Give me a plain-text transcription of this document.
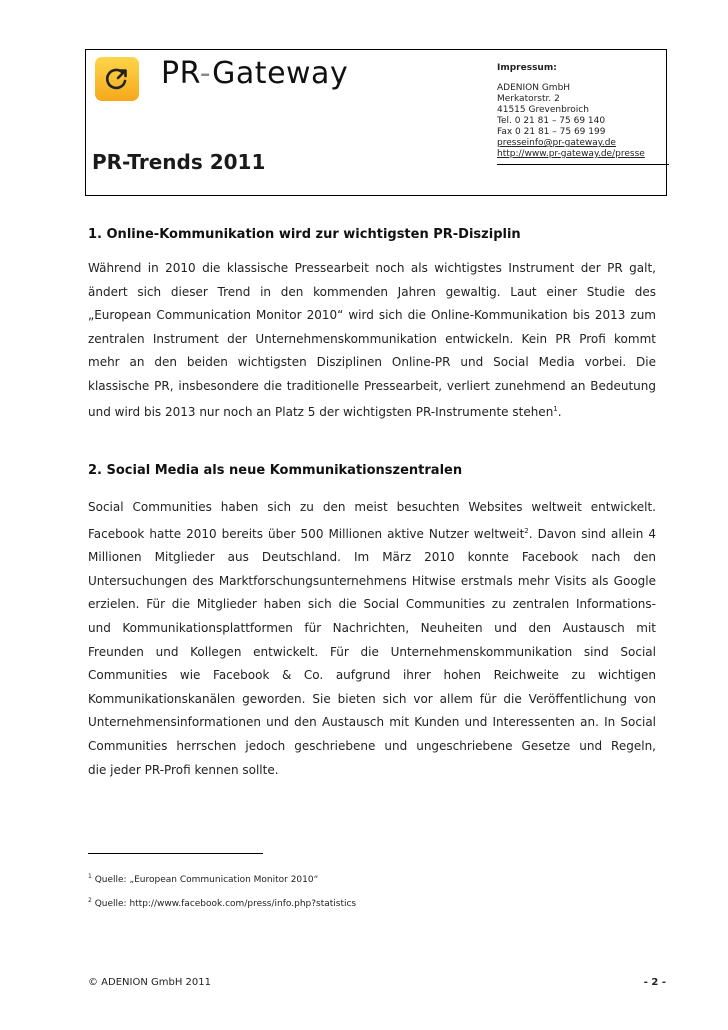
PR-Gateway
PR-Trends 2011
Impressum:
ADENION GmbH
Merkatorstr. 2
41515 Grevenbroich
Tel. 0 21 81 – 75 69 140
Fax 0 21 81 – 75 69 199
presseinfo@pr-gateway.de
http://www.pr-gateway.de/presse
1. Online-Kommunikation wird zur wichtigsten PR-Disziplin
Während in 2010 die klassische Pressearbeit noch als wichtigstes Instrument der PR galt,
ändert sich dieser Trend in den kommenden Jahren gewaltig. Laut einer Studie des
„European Communication Monitor 2010“ wird sich die Online-Kommunikation bis 2013 zum
zentralen Instrument der Unternehmenskommunikation entwickeln. Kein PR Profi kommt
mehr an den beiden wichtigsten Disziplinen Online-PR und Social Media vorbei. Die
klassische PR, insbesondere die traditionelle Pressearbeit, verliert zunehmend an Bedeutung
und wird bis 2013 nur noch an Platz 5 der wichtigsten PR-Instrumente stehen$^1$.
2. Social Media als neue Kommunikationszentralen
Social Communities haben sich zu den meist besuchten Websites weltweit entwickelt.
Facebook hatte 2010 bereits über 500 Millionen aktive Nutzer weltweit$^2$. Davon sind allein 4
Millionen Mitglieder aus Deutschland. Im März 2010 konnte Facebook nach den
Untersuchungen des Marktforschungsunternehmens Hitwise erstmals mehr Visits als Google
erzielen. Für die Mitglieder haben sich die Social Communities zu zentralen Informations-
und Kommunikationsplattformen für Nachrichten, Neuheiten und den Austausch mit
Freunden und Kollegen entwickelt. Für die Unternehmenskommunikation sind Social
Communities wie Facebook & Co. aufgrund ihrer hohen Reichweite zu wichtigen
Kommunikationskanälen geworden. Sie bieten sich vor allem für die Veröffentlichung von
Unternehmensinformationen und den Austausch mit Kunden und Interessenten an. In Social
Communities herrschen jedoch geschriebene und ungeschriebene Gesetze und Regeln,
die jeder PR-Profi kennen sollte.
$^1$ Quelle: „European Communication Monitor 2010“
$^2$ Quelle: http://www.facebook.com/press/info.php?statistics
© ADENION GmbH 2011	- 2 -
